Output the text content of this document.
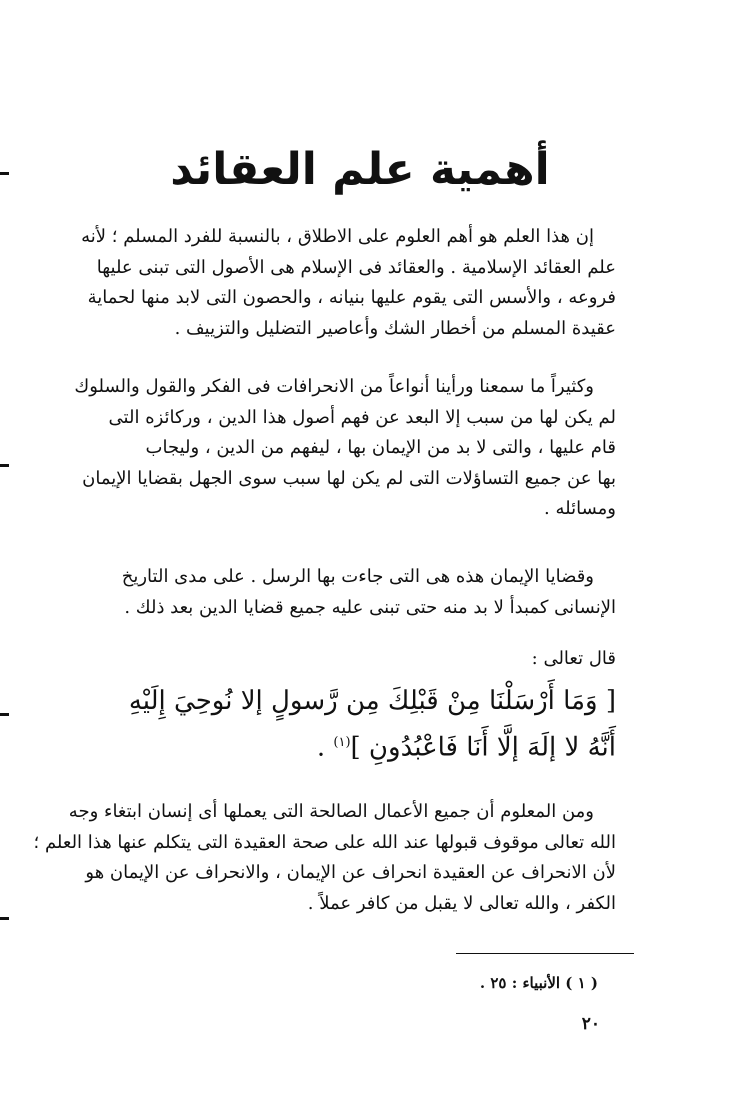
أهمية علم العقائد
إن هذا العلم هو أهم العلوم على الاطلاق ، بالنسبة للفرد المسلم ؛ لأنه
علم العقائد الإسلامية . والعقائد فى الإسلام هى الأصول التى تبنى عليها
فروعه ، والأسس التى يقوم عليها بنيانه ، والحصون التى لابد منها لحماية
عقيدة المسلم من أخطار الشك وأعاصير التضليل والتزييف .
وكثيراً ما سمعنا ورأينا أنواعاً من الانحرافات فى الفكر والقول والسلوك
لم يكن لها من سبب إلا البعد عن فهم أصول هذا الدين ، وركائزه التى
قام عليها ، والتى لا بد من الإيمان بها ، ليفهم من الدين ، وليجاب
بها عن جميع التساؤلات التى لم يكن لها سبب سوى الجهل بقضايا الإيمان
ومسائله .
وقضايا الإيمان هذه هى التى جاءت بها الرسل . على مدى التاريخ
الإنسانى كمبدأ لا بد منه حتى تبنى عليه جميع قضايا الدين بعد ذلك .
قال تعالى :
[ وَمَا أَرْسَلْنَا مِنْ قَبْلِكَ مِن رَّسولٍ إلا نُوحِيَ إِلَيْهِ
أَنَّهُ لا إلَهَ إلَّا أَنَا فَاعْبُدُونِ ]$^{(١)}$ .
ومن المعلوم أن جميع الأعمال الصالحة التى يعملها أى إنسان ابتغاء وجه
الله تعالى موقوف قبولها عند الله على صحة العقيدة التى يتكلم عنها هذا العلم ؛
لأن الانحراف عن العقيدة انحراف عن الإيمان ، والانحراف عن الإيمان هو
الكفر ، والله تعالى لا يقبل من كافر عملاً .
( ١ ) الأنبياء : ٢٥ .
٢٠
